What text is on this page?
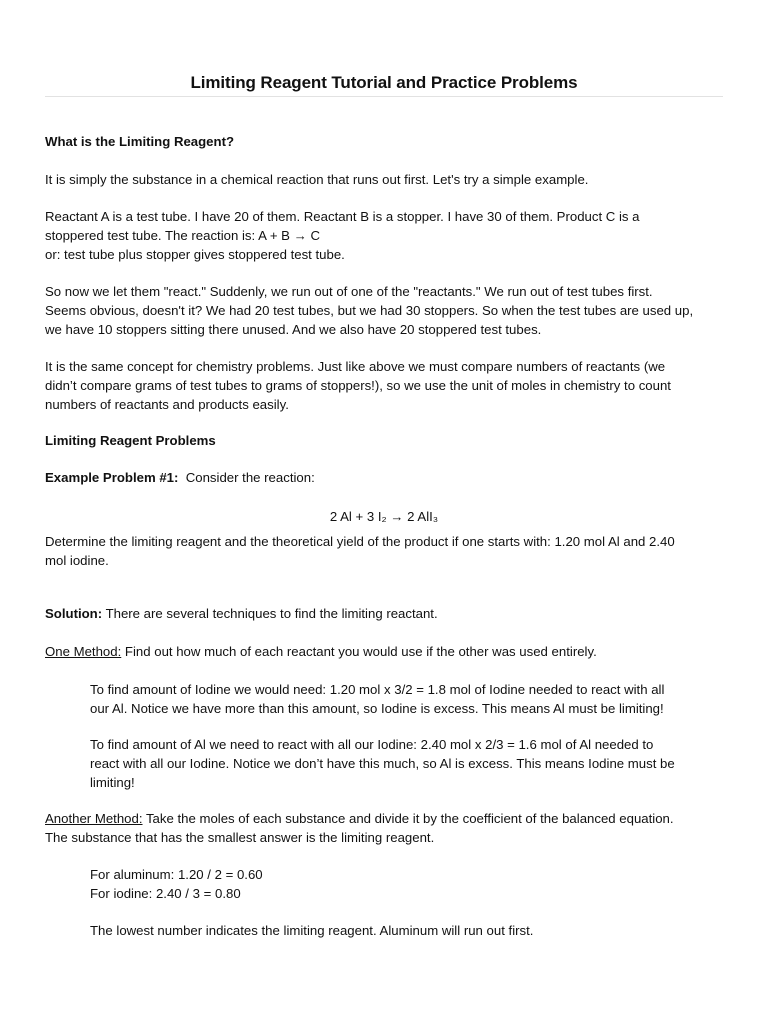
Limiting Reagent Tutorial and Practice Problems
What is the Limiting Reagent?
It is simply the substance in a chemical reaction that runs out first. Let's try a simple example.
Reactant A is a test tube. I have 20 of them. Reactant B is a stopper. I have 30 of them. Product C is a
stoppered test tube. The reaction is: A + B → C
or: test tube plus stopper gives stoppered test tube.
So now we let them "react." Suddenly, we run out of one of the "reactants." We run out of test tubes first.
Seems obvious, doesn't it? We had 20 test tubes, but we had 30 stoppers. So when the test tubes are used up,
we have 10 stoppers sitting there unused. And we also have 20 stoppered test tubes.
It is the same concept for chemistry problems. Just like above we must compare numbers of reactants (we
didn’t compare grams of test tubes to grams of stoppers!), so we use the unit of moles in chemistry to count
numbers of reactants and products easily.
Limiting Reagent Problems
Example Problem #1:  Consider the reaction:
2 Al + 3 I₂ → 2 AlI₃
Determine the limiting reagent and the theoretical yield of the product if one starts with: 1.20 mol Al and 2.40
mol iodine.
Solution: There are several techniques to find the limiting reactant.
One Method: Find out how much of each reactant you would use if the other was used entirely.
To find amount of Iodine we would need: 1.20 mol x 3/2 = 1.8 mol of Iodine needed to react with all
our Al. Notice we have more than this amount, so Iodine is excess. This means Al must be limiting!
To find amount of Al we need to react with all our Iodine: 2.40 mol x 2/3 = 1.6 mol of Al needed to
react with all our Iodine. Notice we don’t have this much, so Al is excess. This means Iodine must be
limiting!
Another Method: Take the moles of each substance and divide it by the coefficient of the balanced equation.
The substance that has the smallest answer is the limiting reagent.
For aluminum: 1.20 / 2 = 0.60
For iodine: 2.40 / 3 = 0.80
The lowest number indicates the limiting reagent. Aluminum will run out first.
